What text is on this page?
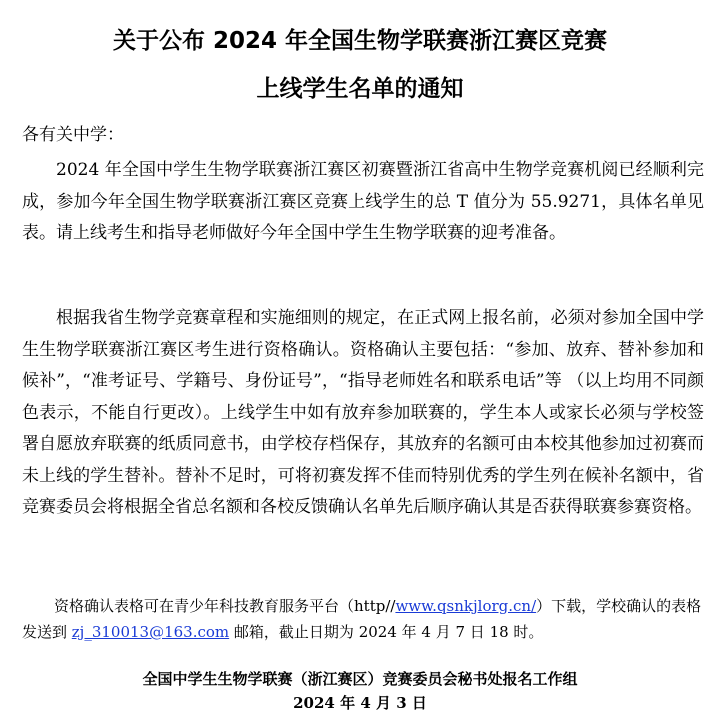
关于公布 2024 年全国生物学联赛浙江赛区竞赛
上线学生名单的通知
各有关中学：

2024 年全国中学生生物学联赛浙江赛区初赛暨浙江省高中生物学竞赛机阅已经顺利完成，参加今年全国生物学联赛浙江赛区竞赛上线学生的总 T 值分为 55.9271，具体名单见表。请上线考生和指导老师做好今年全国中学生生物学联赛的迎考准备。

根据我省生物学竞赛章程和实施细则的规定，在正式网上报名前，必须对参加全国中学生生物学联赛浙江赛区考生进行资格确认。资格确认主要包括：“参加、放弃、替补参加和候补”，“准考证号、学籍号、身份证号”，“指导老师姓名和联系电话”等 （以上均用不同颜色表示，不能自行更改）。上线学生中如有放弃参加联赛的，学生本人或家长必须与学校签署自愿放弃联赛的纸质同意书，由学校存档保存，其放弃的名额可由本校其他参加过初赛而未上线的学生替补。替补不足时，可将初赛发挥不佳而特别优秀的学生列在候补名额中，省竞赛委员会将根据全省总名额和各校反馈确认名单先后顺序确认其是否获得联赛参赛资格。

资格确认表格可在青少年科技教育服务平台（http//www.qsnkjlorg.cn/）下载，学校确认的表格发送到 zj_310013@163.com 邮箱，截止日期为 2024 年 4 月 7 日 18 时。

全国中学生生物学联赛（浙江赛区）竞赛委员会秘书处报名工作组
2024 年 4 月 3 日
